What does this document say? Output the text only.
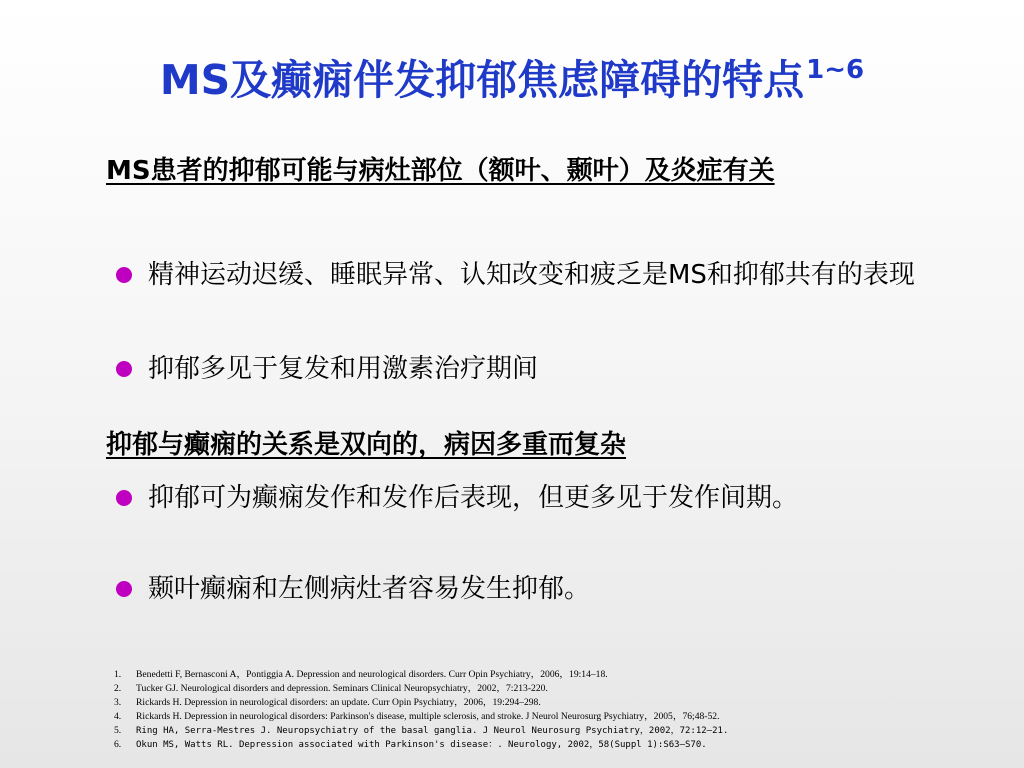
MS及癫痫伴发抑郁焦虑障碍的特点$^{1\sim 6}$
MS患者的抑郁可能与病灶部位（额叶、颞叶）及炎症有关
精神运动迟缓、睡眠异常、认知改变和疲乏是MS和抑郁共有的表现
抑郁多见于复发和用激素治疗期间
抑郁与癫痫的关系是双向的，病因多重而复杂
抑郁可为癫痫发作和发作后表现，但更多见于发作间期。
颞叶癫痫和左侧病灶者容易发生抑郁。
1.	Benedetti F, Bernasconi A，Pontiggia A. Depression and neurological disorders. Curr Opin Psychiatry，2006，19:14–18.
2.	Tucker GJ. Neurological disorders and depression. Seminars Clinical Neuropsychiatry，2002，7:213-220.
3.	Rickards H. Depression in neurological disorders: an update. Curr Opin Psychiatry，2006，19:294–298.
4.	Rickards H. Depression in neurological disorders: Parkinson's disease, multiple sclerosis, and stroke. J Neurol Neurosurg Psychiatry，2005，76;48-52.
5.	Ring HA, Serra-Mestres J. Neuropsychiatry of the basal ganglia. J Neurol Neurosurg Psychiatry，2002，72:12–21.
6.	Okun MS, Watts RL. Depression associated with Parkinson's disease：. Neurology, 2002，58(Suppl 1):S63–S70.
